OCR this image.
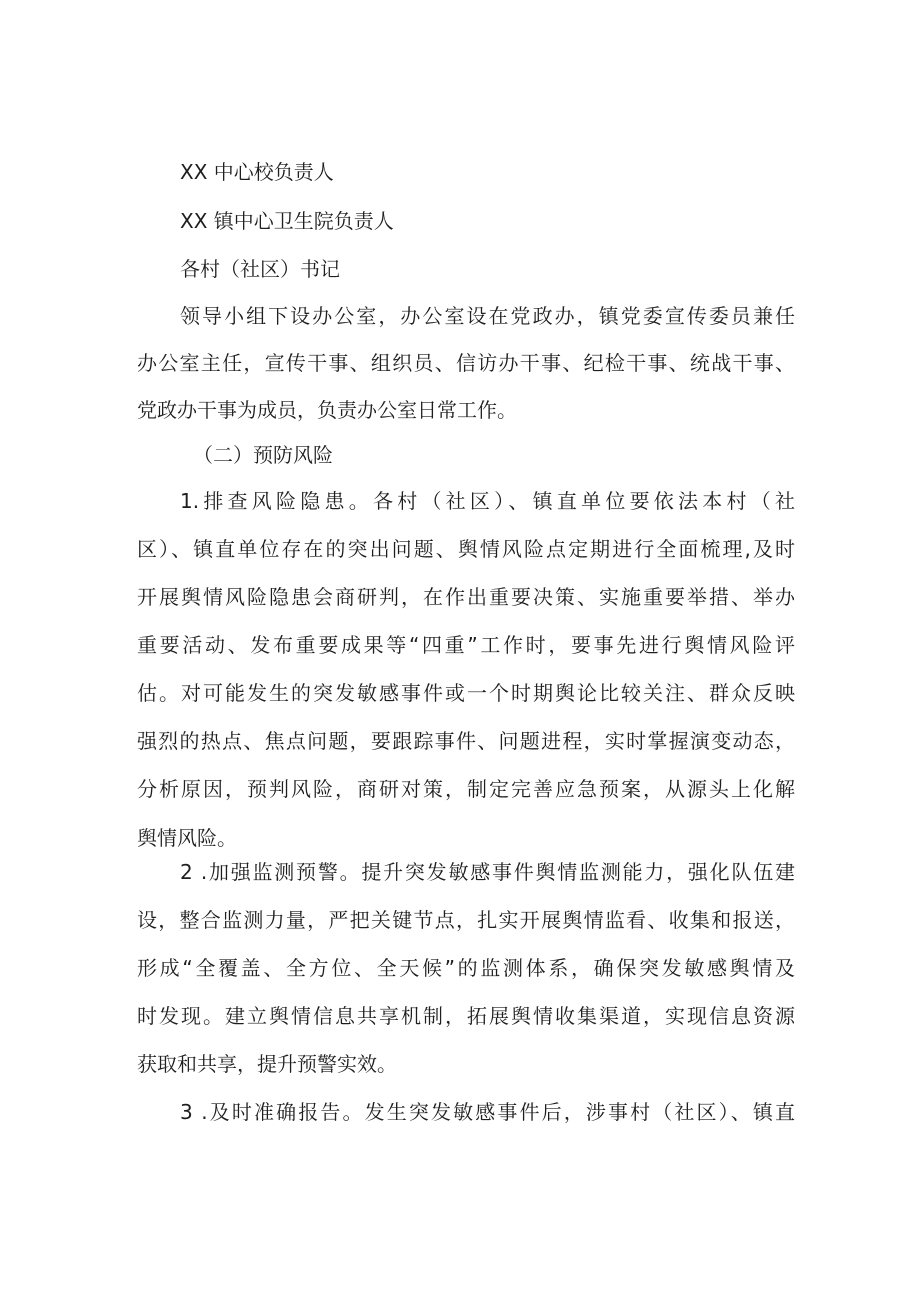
XX 中心校负责人
XX 镇中心卫生院负责人
各村（社区）书记
领导小组下设办公室，办公室设在党政办，镇党委宣传委员兼任
办公室主任，宣传干事、组织员、信访办干事、纪检干事、统战干事、
党政办干事为成员，负责办公室日常工作。
（二）预防风险
1.排查风险隐患。各村（社区）、镇直单位要依法本村（社
区）、镇直单位存在的突出问题、舆情风险点定期进行全面梳理,及时
开展舆情风险隐患会商研判，在作出重要决策、实施重要举措、举办
重要活动、发布重要成果等“四重”工作时，要事先进行舆情风险评
估。对可能发生的突发敏感事件或一个时期舆论比较关注、群众反映
强烈的热点、焦点问题，要跟踪事件、问题进程，实时掌握演变动态，
分析原因，预判风险，商研对策，制定完善应急预案，从源头上化解
舆情风险。
2 .加强监测预警。提升突发敏感事件舆情监测能力，强化队伍建
设，整合监测力量，严把关键节点，扎实开展舆情监看、收集和报送，
形成“全覆盖、全方位、全天候”的监测体系，确保突发敏感舆情及
时发现。建立舆情信息共享机制，拓展舆情收集渠道，实现信息资源
获取和共享，提升预警实效。
3 .及时准确报告。发生突发敏感事件后，涉事村（社区）、镇直
